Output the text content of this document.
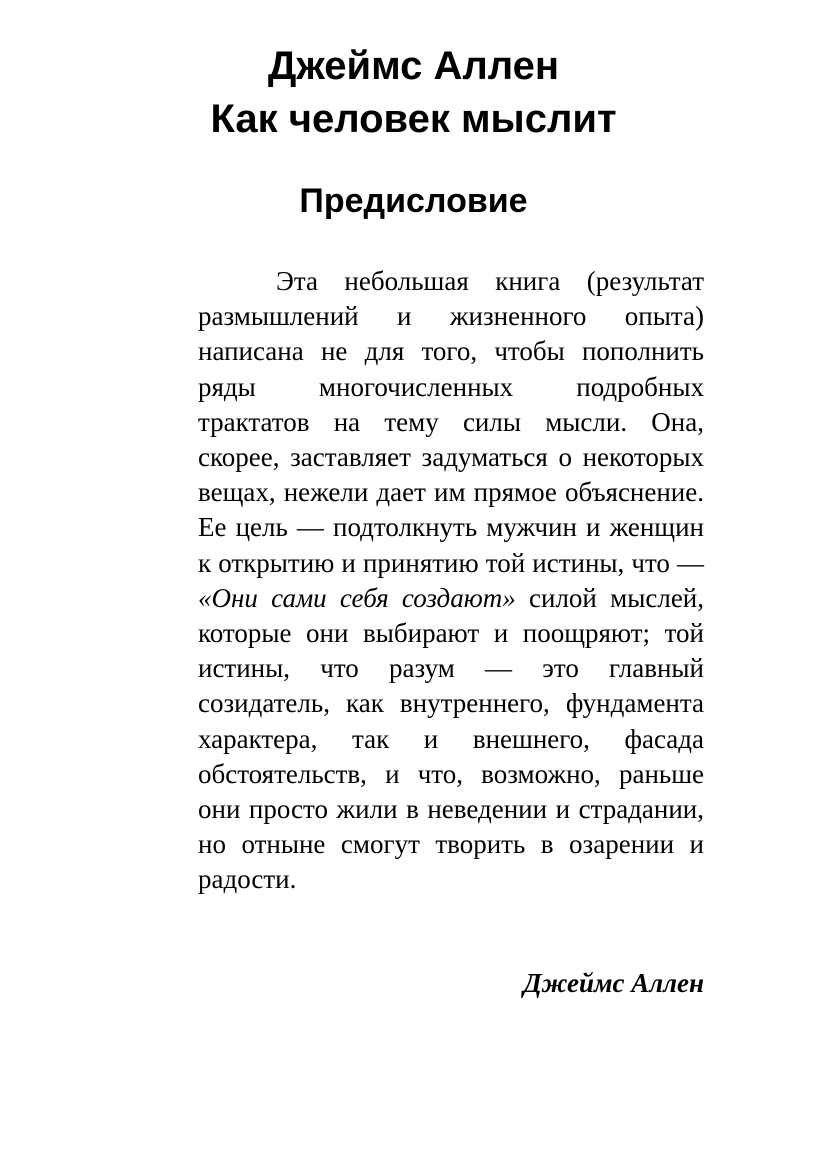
Джеймс Аллен
Как человек мыслит
Предисловие

Эта небольшая книга (результат размышлений и жизненного опыта) написана не для того, чтобы пополнить ряды многочисленных подробных трактатов на тему силы мысли. Она, скорее, заставляет задуматься о некоторых вещах, нежели дает им прямое объяснение. Ее цель — подтолкнуть мужчин и женщин к открытию и принятию той истины, что — «Они сами себя создают» силой мыслей, которые они выбирают и поощряют; той истины, что разум — это главный созидатель, как внутреннего, фундамента характера, так и внешнего, фасада обстоятельств, и что, возможно, раньше они просто жили в неведении и страдании, но отныне смогут творить в озарении и радости.

Джеймс Аллен
